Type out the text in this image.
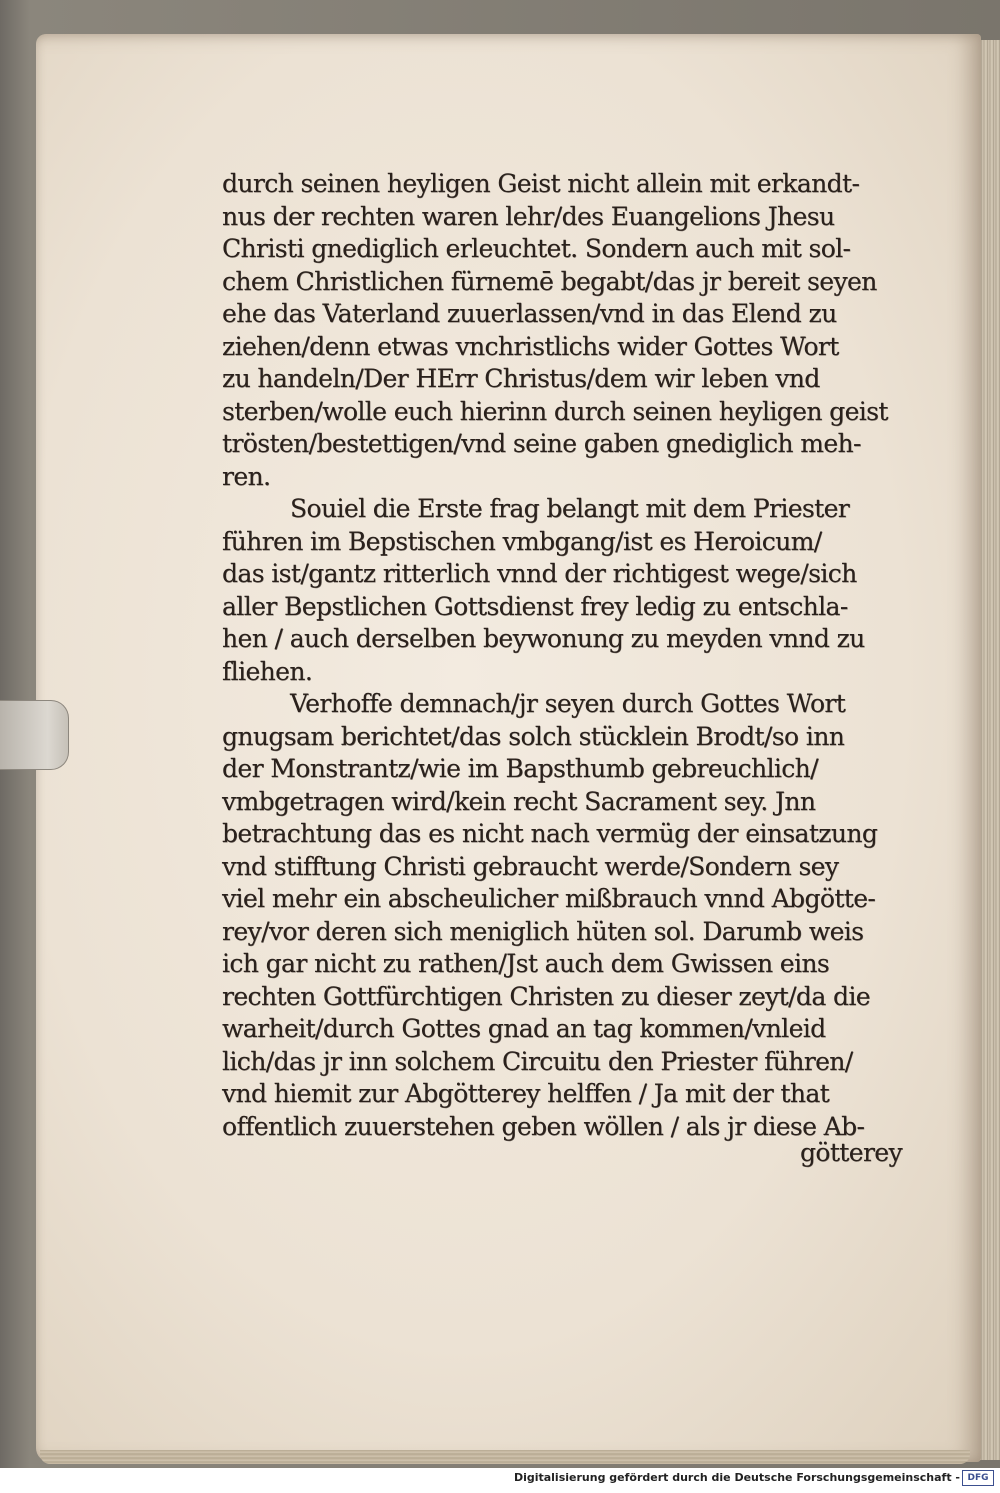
durch seinen heyligen Geist nicht allein mit erkandt-
nus der rechten waren lehr/des Euangelions Jhesu
Christi gnediglich erleuchtet. Sondern auch mit sol-
chem Christlichen fürnemē begabt/das jr bereit seyen
ehe das Vaterland zuuerlassen/vnd in das Elend zu
ziehen/denn etwas vnchristlichs wider Gottes Wort
zu handeln/Der HErr Christus/dem wir leben vnd
sterben/wolle euch hierinn durch seinen heyligen geist
trösten/bestettigen/vnd seine gaben gnediglich meh-
ren.
Souiel die Erste frag belangt mit dem Priester
führen im Bepstischen vmbgang/ist es Heroicum/
das ist/gantz ritterlich vnnd der richtigest wege/sich
aller Bepstlichen Gottsdienst frey ledig zu entschla-
hen / auch derselben beywonung zu meyden vnnd zu
fliehen.
Verhoffe demnach/jr seyen durch Gottes Wort
gnugsam berichtet/das solch stücklein Brodt/so inn
der Monstrantz/wie im Bapsthumb gebreuchlich/
vmbgetragen wird/kein recht Sacrament sey. Jnn
betrachtung das es nicht nach vermüg der einsatzung
vnd stifftung Christi gebraucht werde/Sondern sey
viel mehr ein abscheulicher mißbrauch vnnd Abgötte-
rey/vor deren sich meniglich hüten sol. Darumb weis
ich gar nicht zu rathen/Jst auch dem Gwissen eins
rechten Gottfürchtigen Christen zu dieser zeyt/da die
warheit/durch Gottes gnad an tag kommen/vnleid
lich/das jr inn solchem Circuitu den Priester führen/
vnd hiemit zur Abgötterey helffen / Ja mit der that
offentlich zuuerstehen geben wöllen / als jr diese Ab-
götterey
Digitalisierung gefördert durch die Deutsche Forschungsgemeinschaft - DFG
